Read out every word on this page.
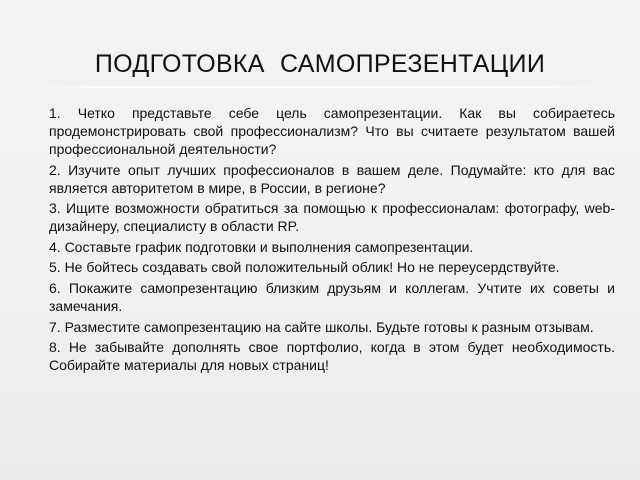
ПОДГОТОВКА САМОПРЕЗЕНТАЦИИ
1. Четко представьте себе цель самопрезентации. Как вы собираетесь продемонстрировать свой профессионализм? Что вы считаете результатом вашей профессиональной деятельности?
2. Изучите опыт лучших профессионалов в вашем деле. Подумайте: кто для вас является авторитетом в мире, в России, в регионе?
3. Ищите возможности обратиться за помощью к профессионалам: фотографу, web-дизайнеру, специалисту в области RP.
4. Составьте график подготовки и выполнения самопрезентации.
5. Не бойтесь создавать свой положительный облик! Но не переусердствуйте.
6. Покажите самопрезентацию близким друзьям и коллегам. Учтите их советы и замечания.
7. Разместите самопрезентацию на сайте школы. Будьте готовы к разным отзывам.
8. Не забывайте дополнять свое портфолио, когда в этом будет необходимость. Собирайте материалы для новых страниц!
